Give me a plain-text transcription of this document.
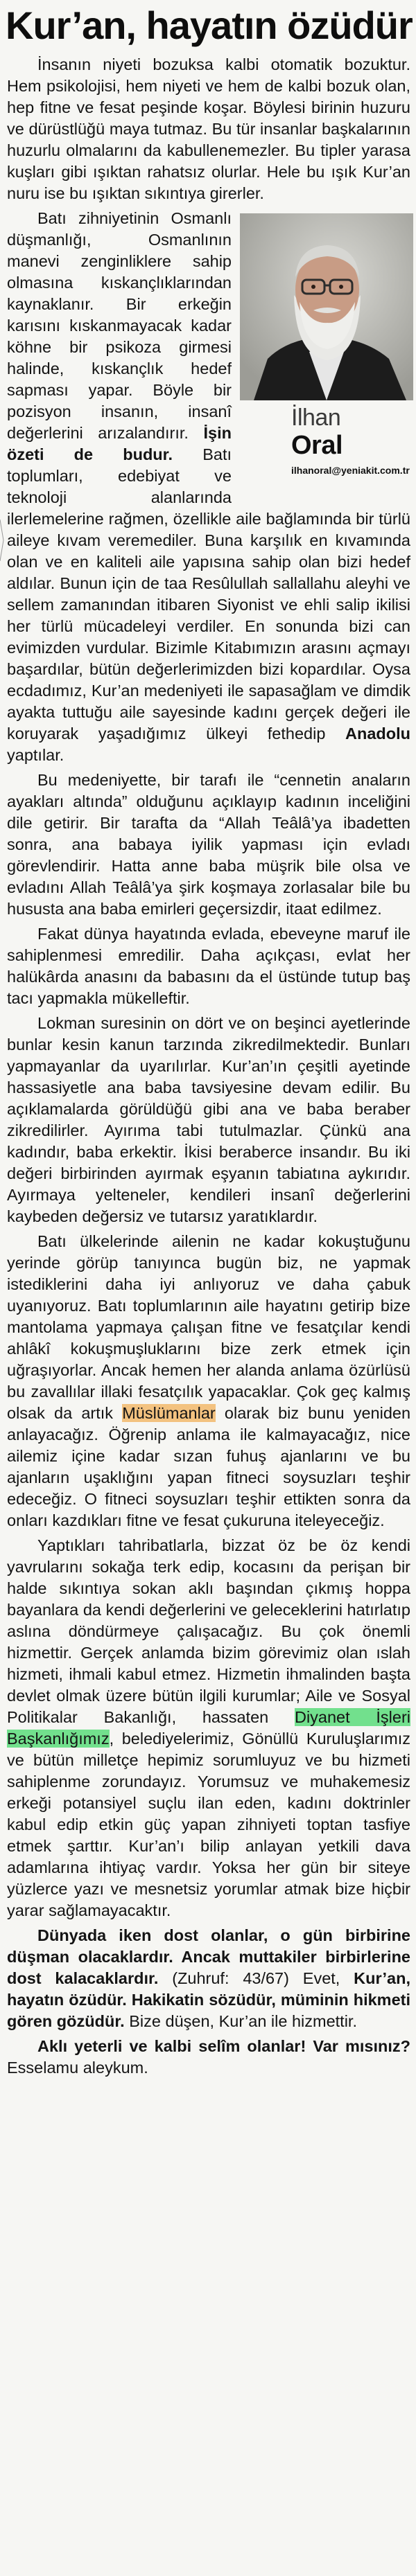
Kur’an, hayatın özüdür

İnsanın niyeti bozuksa kalbi otomatik bozuktur. Hem psikolojisi, hem niyeti ve hem de kalbi bozuk olan, hep fitne ve fesat peşinde koşar. Böylesi birinin huzuru ve dürüstlüğü maya tutmaz. Bu tür insanlar başkalarının huzurlu olmalarını da kabullenemezler. Bu tipler yarasa kuşları gibi ışıktan rahatsız olurlar. Hele bu ışık Kur’an nuru ise bu ışıktan sıkıntıya girerler.

İlhan
Oral
ilhanoral@yeniakit.com.tr
Batı zihniyetinin Osmanlı düşmanlığı, Osmanlının manevi zenginliklere sahip olmasına kıskançlıklarından kaynaklanır. Bir erkeğin karısını kıskanmayacak kadar köhne bir psikoza girmesi halinde, kıskançlık hedef sapması yapar. Böyle bir pozisyon insanın, insanî değerlerini arızalandırır. İşin özeti de budur. Batı toplumları, edebiyat ve teknoloji alanlarında ilerlemelerine rağmen, özellikle aile bağlamında bir türlü aileye kıvam veremediler. Buna karşılık en kıvamında olan ve en kaliteli aile yapısına sahip olan bizi hedef aldılar. Bunun için de taa Resûlullah sallallahu aleyhi ve sellem zamanından itibaren Siyonist ve ehli salip ikilisi her türlü mücadeleyi verdiler. En sonunda bizi can evimizden vurdular. Bizimle Kitabımızın arasını açmayı başardılar, bütün değerlerimizden bizi kopardılar. Oysa ecdadımız, Kur’an medeniyeti ile sapasağlam ve dimdik ayakta tuttuğu aile sayesinde kadını gerçek değeri ile koruyarak yaşadığımız ülkeyi fethedip Anadolu yaptılar.

Bu medeniyette, bir tarafı ile “cennetin anaların ayakları altında” olduğunu açıklayıp kadının inceliğini dile getirir. Bir tarafta da “Allah Teâlâ’ya ibadetten sonra, ana babaya iyilik yapması için evladı görevlendirir. Hatta anne baba müşrik bile olsa ve evladını Allah Teâlâ’ya şirk koşmaya zorlasalar bile bu hususta ana baba emirleri geçersizdir, itaat edilmez.

Fakat dünya hayatında evlada, ebeveyne maruf ile sahiplenmesi emredilir. Daha açıkçası, evlat her halükârda anasını da babasını da el üstünde tutup baş tacı yapmakla mükelleftir.

Lokman suresinin on dört ve on beşinci ayetlerinde bunlar kesin kanun tarzında zikredilmektedir. Bunları yapmayanlar da uyarılırlar. Kur’an’ın çeşitli ayetinde hassasiyetle ana baba tavsiyesine devam edilir. Bu açıklamalarda görüldüğü gibi ana ve baba beraber zikredilirler. Ayırıma tabi tutulmazlar. Çünkü ana kadındır, baba erkektir. İkisi beraberce insandır. Bu iki değeri birbirinden ayırmak eşyanın tabiatına aykırıdır. Ayırmaya yelteneler, kendileri insanî değerlerini kaybeden değersiz ve tutarsız yaratıklardır.

Batı ülkelerinde ailenin ne kadar kokuştuğunu yerinde görüp tanıyınca bugün biz, ne yapmak istediklerini daha iyi anlıyoruz ve daha çabuk uyanıyoruz. Batı toplumlarının aile hayatını getirip bize mantolama yapmaya çalışan fitne ve fesatçılar kendi ahlâkî kokuşmuşluklarını bize zerk etmek için uğraşıyorlar. Ancak hemen her alanda anlama özürlüsü bu zavallılar illaki fesatçılık yapacaklar. Çok geç kalmış olsak da artık Müslümanlar olarak biz bunu yeniden anlayacağız. Öğrenip anlama ile kalmayacağız, nice ailemiz içine kadar sızan fuhuş ajanlarını ve bu ajanların uşaklığını yapan fitneci soysuzları teşhir edeceğiz. O fitneci soysuzları teşhir ettikten sonra da onları kazdıkları fitne ve fesat çukuruna iteleyeceğiz.

Yaptıkları tahribatlarla, bizzat öz be öz kendi yavrularını sokağa terk edip, kocasını da perişan bir halde sıkıntıya sokan aklı başından çıkmış hoppa bayanlara da kendi değerlerini ve geleceklerini hatırlatıp aslına döndürmeye çalışacağız. Bu çok önemli hizmettir. Gerçek anlamda bizim görevimiz olan ıslah hizmeti, ihmali kabul etmez. Hizmetin ihmalinden başta devlet olmak üzere bütün ilgili kurumlar; Aile ve Sosyal Politikalar Bakanlığı, hassaten Diyanet İşleri Başkanlığımız, belediyelerimiz, Gönüllü Kuruluşlarımız ve bütün milletçe hepimiz sorumluyuz ve bu hizmeti sahiplenme zorundayız. Yorumsuz ve muhakemesiz erkeği potansiyel suçlu ilan eden, kadını doktrinler kabul edip etkin güç yapan zihniyeti toptan tasfiye etmek şarttır. Kur’an’ı bilip anlayan yetkili dava adamlarına ihtiyaç vardır. Yoksa her gün bir siteye yüzlerce yazı ve mesnetsiz yorumlar atmak bize hiçbir yarar sağlamayacaktır.

Dünyada iken dost olanlar, o gün birbirine düşman olacaklardır. Ancak muttakiler birbirlerine dost kalacaklardır. (Zuhruf: 43/67) Evet, Kur’an, hayatın özüdür. Hakikatin sözüdür, müminin hikmeti gören gözüdür. Bize düşen, Kur’an ile hizmettir.

Aklı yeterli ve kalbi selîm olanlar! Var mısınız? Esselamu aleykum.
